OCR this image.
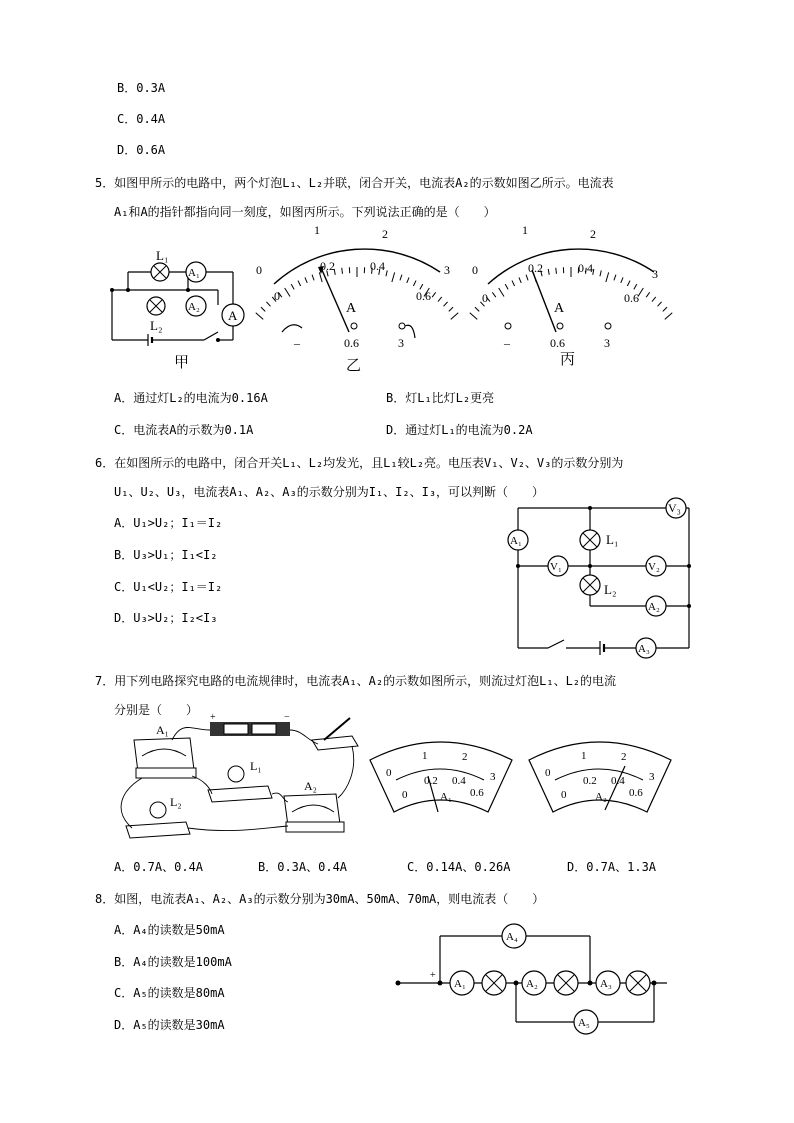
B．0.3A
C．0.4A
D．0.6A
5．如图甲所示的电路中，两个灯泡L₁、L₂并联，闭合开关，电流表A₂的示数如图乙所示。电流表
A₁和A的指针都指向同一刻度，如图丙所示。下列说法正确的是（　　）
L₁
A₁
A₂
L₂
A
甲
0
1	2
3
0
0.2	0.4
0.6
A
–	0.6	3
乙
0
1	2
3
0
0.2	0.4
0.6
A
–	0.6	3
丙
A．通过灯L₂的电流为0.16A	B．灯L₁比灯L₂更亮
C．电流表A的示数为0.1A	D．通过灯L₁的电流为0.2A
6．在如图所示的电路中，闭合开关L₁、L₂均发光，且L₁较L₂亮。电压表V₁、V₂、V₃的示数分别为
U₁、U₂、U₃，电流表A₁、A₂、A₃的示数分别为I₁、I₂、I₃，可以判断（　　）
A．U₁>U₂；I₁＝I₂
B．U₃>U₁；I₁<I₂
C．U₁<U₂；I₁＝I₂
D．U₃>U₂；I₂<I₃
V₃
A₁	L₁
V₁	V₂
L₂
A₂
A₃
7．用下列电路探究电路的电流规律时，电流表A₁、A₂的示数如图所示，则流过灯泡L₁、L₂的电流
分别是（　　）
+	−
A₁
L₁
L₂
A₂
0
1	2
3
0
0.2 0.4
0.6
A₁
0
1	2
3
0
0.2 0.4
0.6
A₂
A．0.7A、0.4A	B．0.3A、0.4A	C．0.14A、0.26A	D．0.7A、1.3A
8．如图，电流表A₁、A₂、A₃的示数分别为30mA、50mA、70mA，则电流表（　　）
A．A₄的读数是50mA
B．A₄的读数是100mA
C．A₅的读数是80mA
D．A₅的读数是30mA
+
A₄
A₁	A₂	A₃
A₅
